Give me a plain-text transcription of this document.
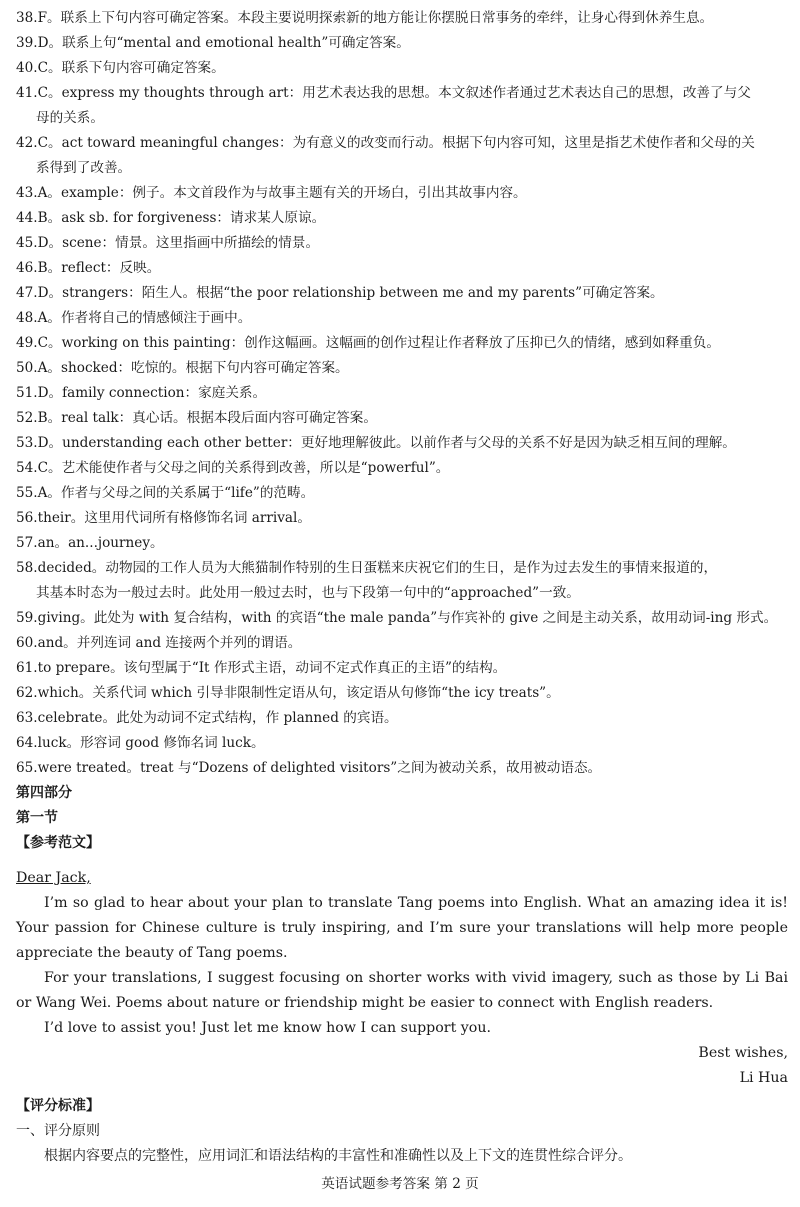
38.F。联系上下句内容可确定答案。本段主要说明探索新的地方能让你摆脱日常事务的牵绊，让身心得到休养生息。
39.D。联系上句“mental and emotional health”可确定答案。
40.C。联系下句内容可确定答案。
41.C。express my thoughts through art：用艺术表达我的思想。本文叙述作者通过艺术表达自己的思想，改善了与父
母的关系。
42.C。act toward meaningful changes：为有意义的改变而行动。根据下句内容可知，这里是指艺术使作者和父母的关
系得到了改善。
43.A。example：例子。本文首段作为与故事主题有关的开场白，引出其故事内容。
44.B。ask sb. for forgiveness：请求某人原谅。
45.D。scene：情景。这里指画中所描绘的情景。
46.B。reflect：反映。
47.D。strangers：陌生人。根据“the poor relationship between me and my parents”可确定答案。
48.A。作者将自己的情感倾注于画中。
49.C。working on this painting：创作这幅画。这幅画的创作过程让作者释放了压抑已久的情绪，感到如释重负。
50.A。shocked：吃惊的。根据下句内容可确定答案。
51.D。family connection：家庭关系。
52.B。real talk：真心话。根据本段后面内容可确定答案。
53.D。understanding each other better：更好地理解彼此。以前作者与父母的关系不好是因为缺乏相互间的理解。
54.C。艺术能使作者与父母之间的关系得到改善，所以是“powerful”。
55.A。作者与父母之间的关系属于“life”的范畴。
56.their。这里用代词所有格修饰名词 arrival。
57.an。an...journey。
58.decided。动物园的工作人员为大熊猫制作特别的生日蛋糕来庆祝它们的生日，是作为过去发生的事情来报道的，
其基本时态为一般过去时。此处用一般过去时，也与下段第一句中的“approached”一致。
59.giving。此处为 with 复合结构，with 的宾语“the male panda”与作宾补的 give 之间是主动关系，故用动词-ing 形式。
60.and。并列连词 and 连接两个并列的谓语。
61.to prepare。该句型属于“It 作形式主语，动词不定式作真正的主语”的结构。
62.which。关系代词 which 引导非限制性定语从句，该定语从句修饰“the icy treats”。
63.celebrate。此处为动词不定式结构，作 planned 的宾语。
64.luck。形容词 good 修饰名词 luck。
65.were treated。treat 与“Dozens of delighted visitors”之间为被动关系，故用被动语态。
第四部分
第一节
【参考范文】
Dear Jack,
I’m so glad to hear about your plan to translate Tang poems into English. What an amazing idea it is! Your passion for Chinese culture is truly inspiring, and I’m sure your translations will help more people appreciate the beauty of Tang poems.
For your translations, I suggest focusing on shorter works with vivid imagery, such as those by Li Bai or Wang Wei. Poems about nature or friendship might be easier to connect with English readers.
I’d love to assist you! Just let me know how I can support you.
Best wishes,
Li Hua
【评分标准】
一、评分原则
根据内容要点的完整性，应用词汇和语法结构的丰富性和准确性以及上下文的连贯性综合评分。
英语试题参考答案 第 2 页
